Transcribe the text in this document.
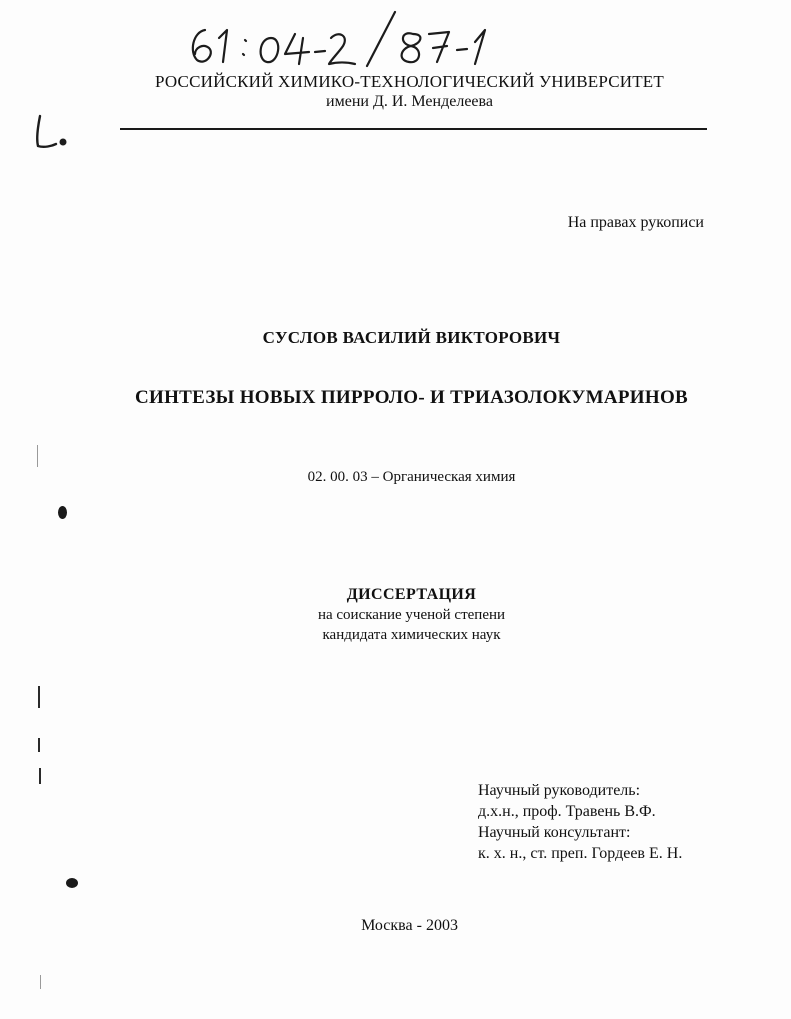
РОССИЙСКИЙ ХИМИКО-ТЕХНОЛОГИЧЕСКИЙ УНИВЕРСИТЕТ
имени Д. И. Менделеева
На правах рукописи
СУСЛОВ ВАСИЛИЙ ВИКТОРОВИЧ
СИНТЕЗЫ НОВЫХ ПИРРОЛО- И ТРИАЗОЛОКУМАРИНОВ
02. 00. 03 – Органическая химия
ДИССЕРТАЦИЯ
на соискание ученой степени
кандидата химических наук
Научный руководитель:
д.х.н., проф. Травень В.Ф.
Научный консультант:
к. х. н., ст. преп. Гордеев Е. Н.
Москва - 2003
